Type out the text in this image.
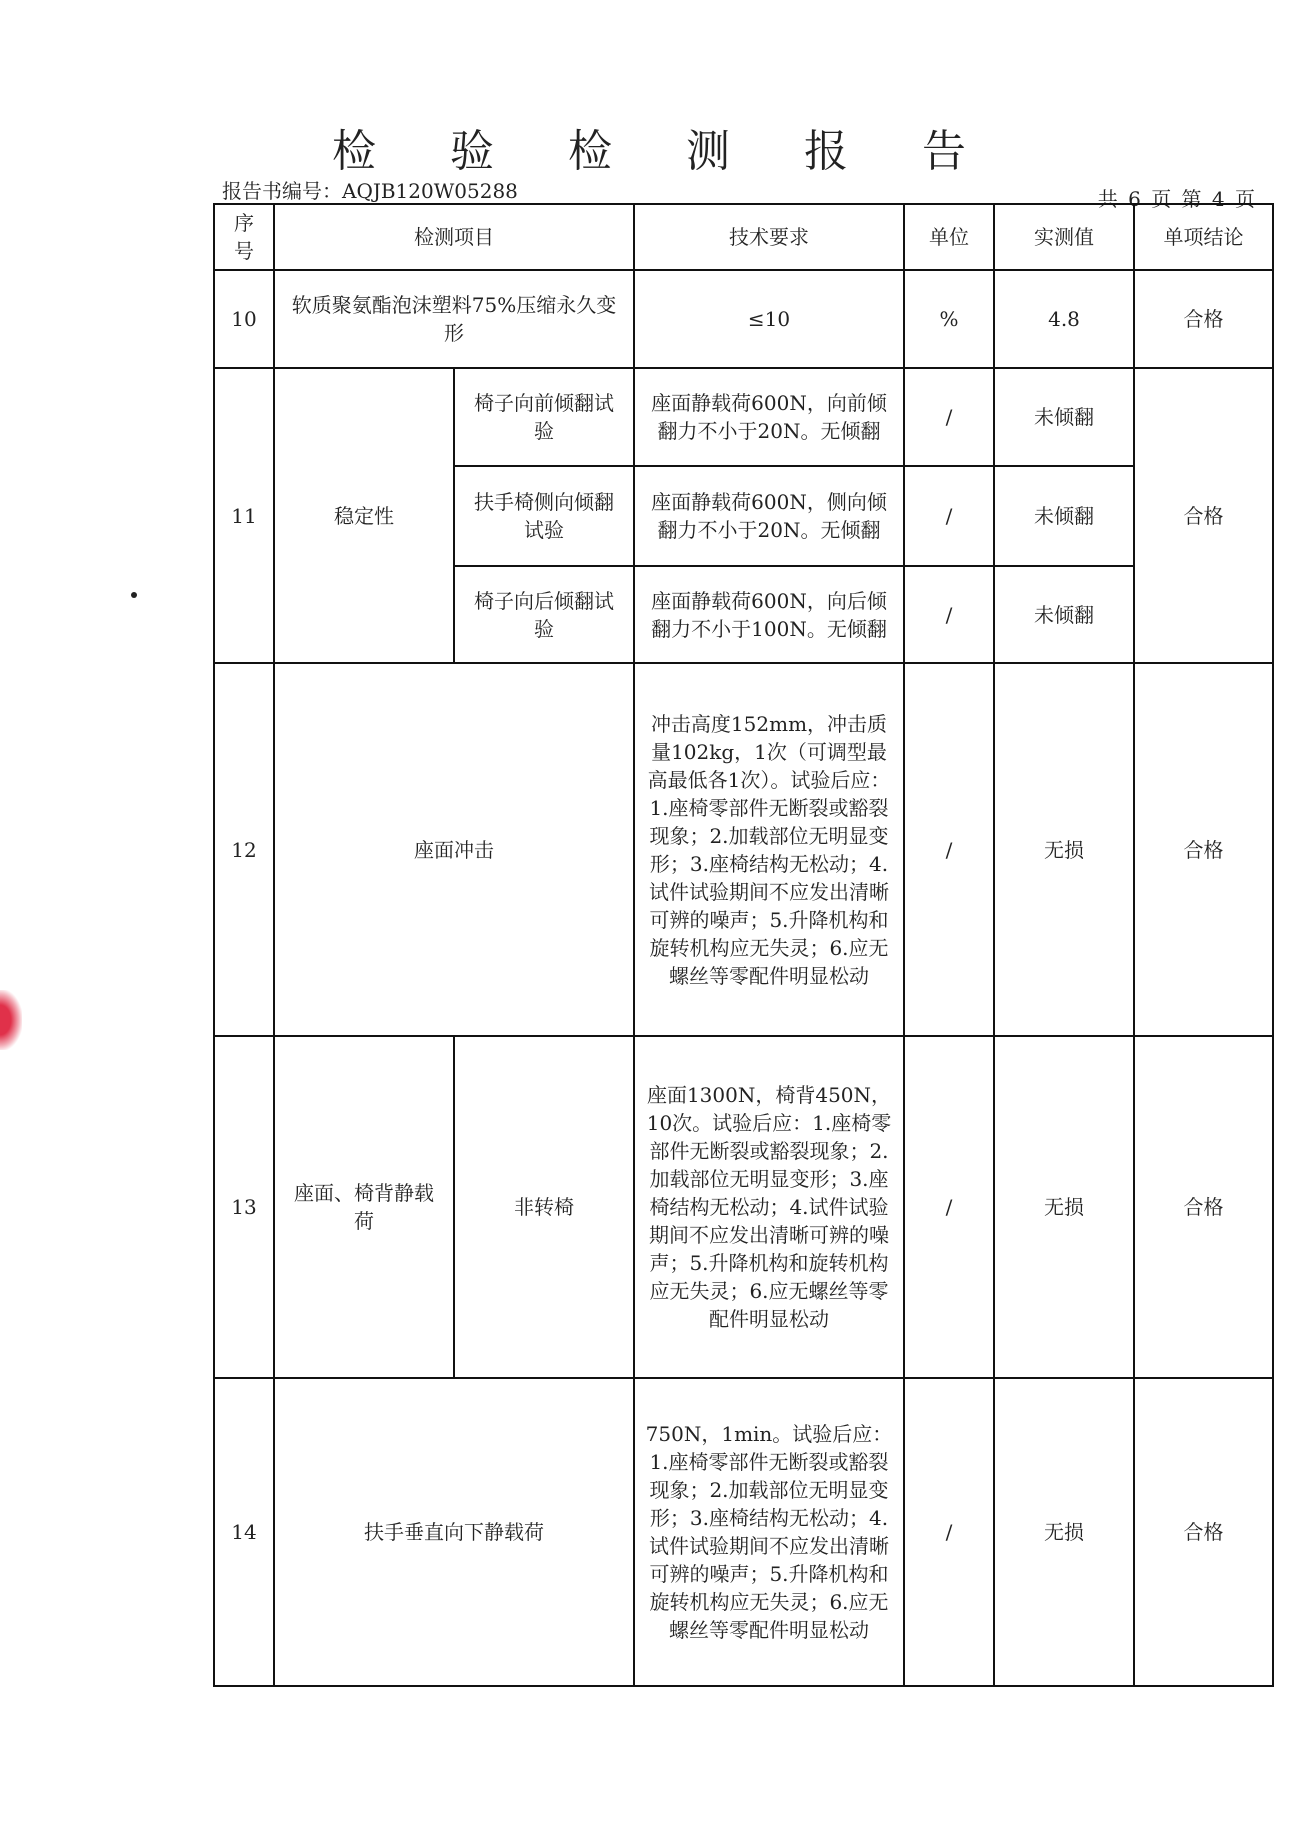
检 验 检 测 报 告
报告书编号：AQJB120W05288	共 6 页 第 4 页
序号	检测项目		技术要求	单位	实测值	单项结论
10	软质聚氨酯泡沫塑料75%压缩永久变形		≤10	%	4.8	合格
11	稳定性	椅子向前倾翻试验	座面静载荷600N，向前倾翻力不小于20N。无倾翻	/	未倾翻	合格
		扶手椅侧向倾翻试验	座面静载荷600N，侧向倾翻力不小于20N。无倾翻	/	未倾翻	
		椅子向后倾翻试验	座面静载荷600N，向后倾翻力不小于100N。无倾翻	/	未倾翻	
12	座面冲击		冲击高度152mm，冲击质量102kg，1次（可调型最高最低各1次）。试验后应：1.座椅零部件无断裂或豁裂现象；2.加载部位无明显变形；3.座椅结构无松动；4.试件试验期间不应发出清晰可辨的噪声；5.升降机构和旋转机构应无失灵；6.应无螺丝等零配件明显松动	/	无损	合格
13	座面、椅背静载荷	非转椅	座面1300N，椅背450N，10次。试验后应：1.座椅零部件无断裂或豁裂现象；2.加载部位无明显变形；3.座椅结构无松动；4.试件试验期间不应发出清晰可辨的噪声；5.升降机构和旋转机构应无失灵；6.应无螺丝等零配件明显松动	/	无损	合格
14	扶手垂直向下静载荷		750N，1min。试验后应：1.座椅零部件无断裂或豁裂现象；2.加载部位无明显变形；3.座椅结构无松动；4.试件试验期间不应发出清晰可辨的噪声；5.升降机构和旋转机构应无失灵；6.应无螺丝等零配件明显松动	/	无损	合格
